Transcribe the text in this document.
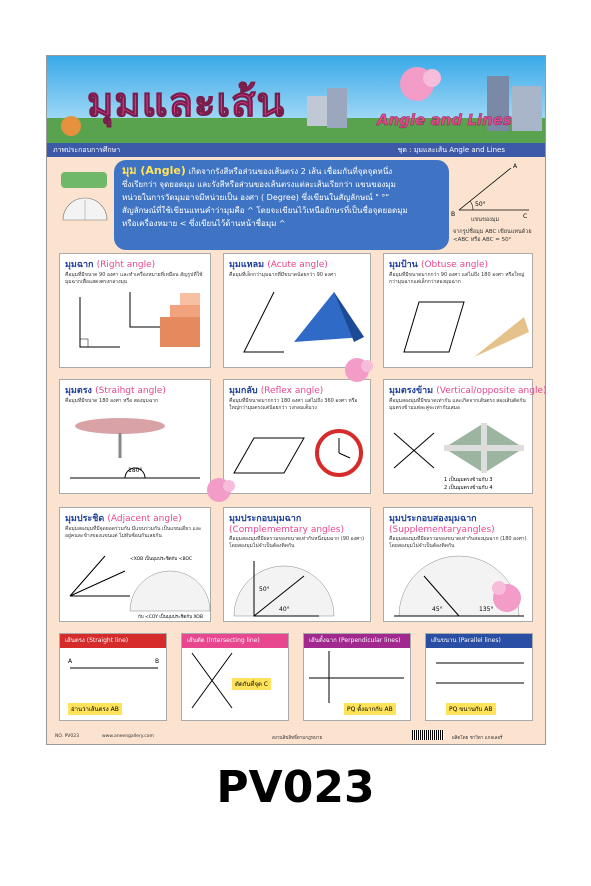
มุมและเส้น	Angle and Lines
ภาพประกอบการศึกษา	ชุด : มุมและเส้น Angle and Lines
มุม (Angle) เกิดจากรังสีหรือส่วนของเส้นตรง 2 เส้น เชื่อมกันที่จุดจุดหนึ่ง
ซึ่งเรียกว่า จุดยอดมุม และรังสีหรือส่วนของเส้นตรงแต่ละเส้นเรียกว่า แขนของมุม
หน่วยในการวัดมุมอาจมีหน่วยเป็น องศา ( Degree) ซึ่งเขียนในสัญลักษณ์ " °"
สัญลักษณ์ที่ใช้เขียนแทนคำว่ามุมคือ ^ โดยจะเขียนไว้เหนืออักษรที่เป็นชื่อจุดยอดมุม
หรือเครื่องหมาย < ซึ่งเขียนไว้ด้านหน้าชื่อมุม ^
50°
A
B	C
แขนของมุม
จากรูปชื่อมุม ABC เขียนแทนด้วย
<ABC หรือ ABC = 50°
มุมฉาก (Right angle)
คือมุมที่มีขนาด 90 องศา และทำเครื่องหมายที่เหมือน สัญรูปที่ใช้มุมฉากเพื่อแสดงตรงกลางมุม
มุมแหลม (Acute angle)
คือมุมที่เล็กกว่ามุมฉากที่มีขนาดน้อยกว่า 90 องศา
มุมป้าน (Obtuse angle)
คือมุมที่มีขนาดมากกว่า 90 องศา แต่ไม่ถึง 180 องศา หรือใหญ่กว่ามุมฉากแต่เล็กกว่าสองมุมฉาก
มุมตรง (Straihgt angle)
คือมุมที่มีขนาด 180 องศา หรือ สองมุมฉาก
180°
มุมกลับ (Reflex angle)
คือมุมที่มีขนาดมากกว่า 180 องศา แต่ไม่ถึง 360 องศา หรือใหญ่กว่ามุมตรงแต่น้อยกว่า วงกลมเต็มวง
มุมตรงข้าม (Vertical/opposite angle)
คือมุมสองมุมที่มีขนาดเท่ากัน และเกิดจากเส้นตรง สองเส้นตัดกัน มุมตรงข้ามแต่ละคู่จะเท่ากันเสมอ
1 เป็นมุมตรงข้ามกับ 3
2 เป็นมุมตรงข้ามกับ 4
มุมประชิด (Adjacent angle)
คือมุมสองมุมที่มีจุดยอดร่วมกัน มีแขนร่วมกัน เป็นแขนเดียว และอยู่คนละข้างของแขนแต่ ไม่ทับซ้อนกันเลยกัน
<XOB เป็นมุมประชิดกับ <BOC
กับ <COY เป็นมุมประชิดกับ XOB
มุมประกอบมุมฉาก
(Complememtary angles)
คือมุมสองมุมที่มีผลรวมของขนาดเท่ากับหนึ่งมุมฉาก (90 องศา) โดยสองมุมไม่จำเป็นต้องติดกัน
50°
40°
มุมประกอบสองมุมฉาก
(Supplementaryangles)
คือมุมสองมุมที่มีผลรวมของขนาดเท่ากับสองมุมฉาก (180 องศา) โดยสองมุมไม่จำเป็นต้องติดกัน
45°	135°
เส้นตรง (Straight line)
A	B
อ่านว่าเส้นตรง AB
เส้นตัด (Intersecting line)
ตัดกันที่จุด C
เส้นตั้งฉาก (Perpendicular lines)
PQ ตั้งฉากกับ AB
เส้นขนาน (Parallel lines)
PQ ขนานกับ AB
NO. PV023	www.aneengallery.com	สงวนลิขสิทธิ์ตามกฎหมาย	ผลิตโดย ชาวิตา แกลเลอรี่
PV023
